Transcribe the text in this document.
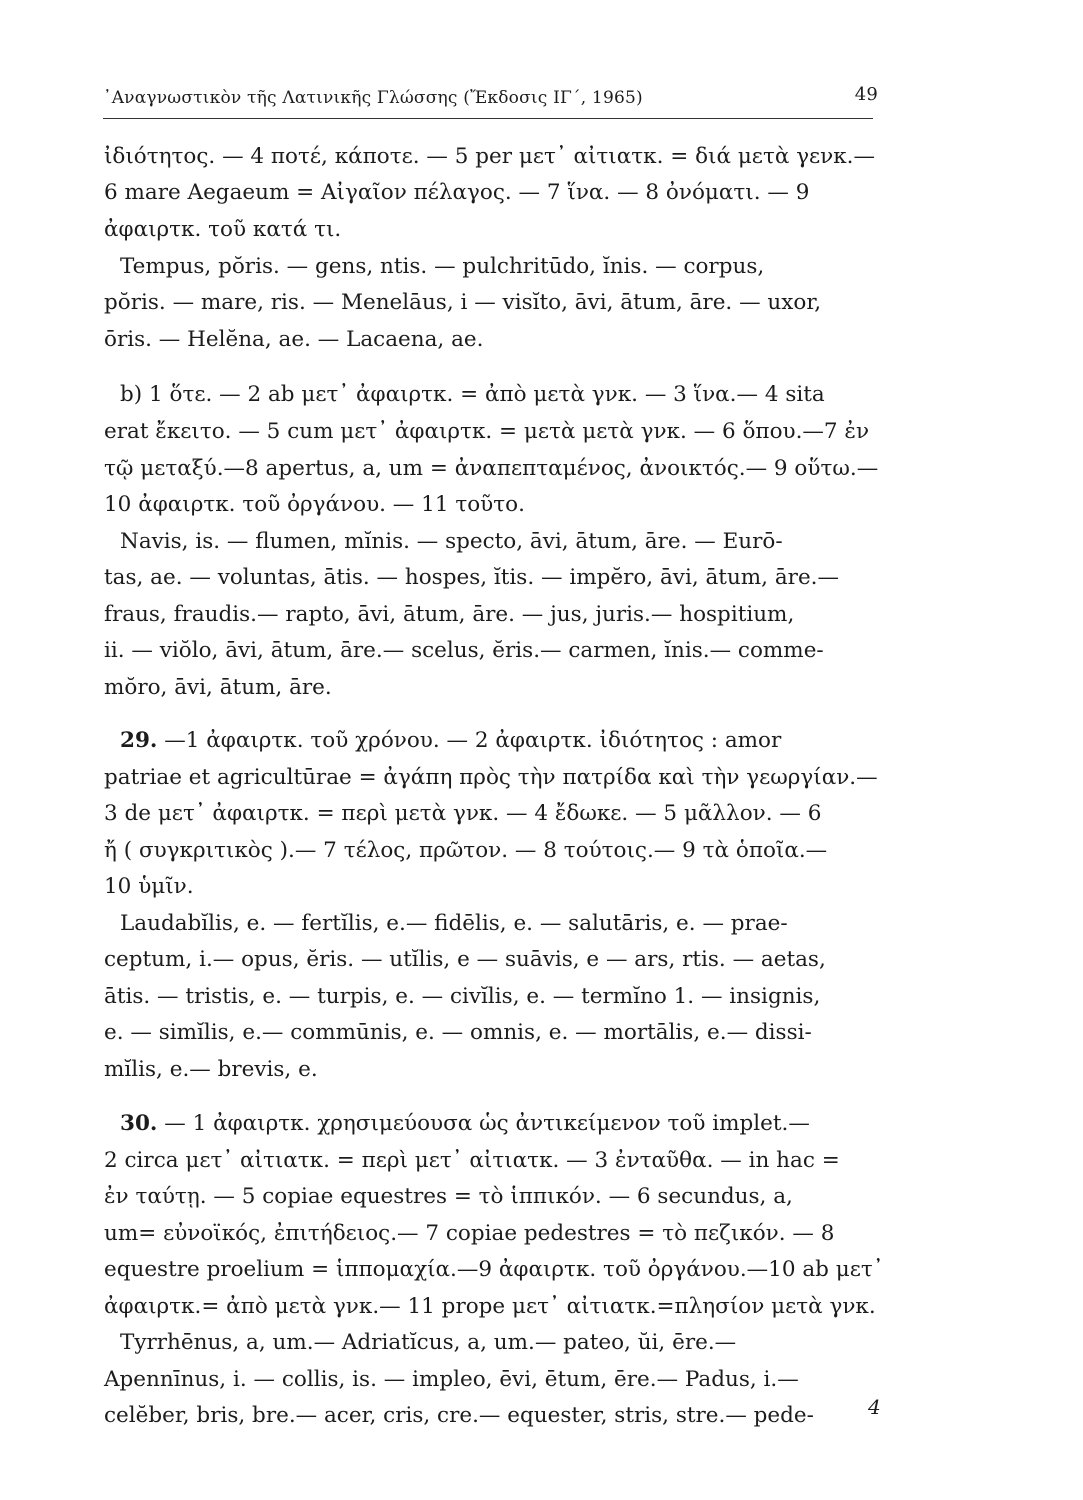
᾿Αναγνωστικὸν τῆς Λατινικῆς Γλώσσης (Ἔκδοσις ΙΓ΄, 1965)	49
ἰδιότητος. — 4 ποτέ, κάποτε. — 5 per μετ᾿ αἰτιατκ. = διά μετὰ γενκ.—
6 mare Aegaeum = Αἰγαῖον πέλαγος. — 7 ἵνα. — 8 ὀνόματι. — 9
ἀφαιρτκ. τοῦ κατά τι.
Tempus, pŏris. — gens, ntis. — pulchritūdo, ĭnis. — corpus,
pŏris. — mare, ris. — Menelāus, i — visĭto, āvi, ātum, āre. — uxor,
ōris. — Helĕna, ae. — Lacaena, ae.
b) 1 ὅτε. — 2 ab μετ᾿ ἀφαιρτκ. = ἀπὸ μετὰ γνκ. — 3 ἵνα.— 4 sita
erat ἔκειτο. — 5 cum μετ᾿ ἀφαιρτκ. = μετὰ μετὰ γνκ. — 6 ὅπου.—7 ἐν
τῷ μεταξύ.—8 apertus, a, um = ἀναπεπταμένος, ἀνοικτός.— 9 οὕτω.—
10 ἀφαιρτκ. τοῦ ὀργάνου. — 11 τοῦτο.
Navis, is. — flumen, mĭnis. — specto, āvi, ātum, āre. — Eurō-
tas, ae. — voluntas, ātis. — hospes, ĭtis. — impĕro, āvi, ātum, āre.—
fraus, fraudis.— rapto, āvi, ātum, āre. — jus, juris.— hospitium,
ii. — viŏlo, āvi, ātum, āre.— scelus, ĕris.— carmen, ĭnis.— comme-
mŏro, āvi, ātum, āre.
29. —1 ἀφαιρτκ. τοῦ χρόνου. — 2 ἀφαιρτκ. ἰδιότητος : amor
patriae et agricultūrae = ἀγάπη πρὸς τὴν πατρίδα καὶ τὴν γεωργίαν.—
3 de μετ᾿ ἀφαιρτκ. = περὶ μετὰ γνκ. — 4 ἔδωκε. — 5 μᾶλλον. — 6
ἤ ( συγκριτικὸς ).— 7 τέλος, πρῶτον. — 8 τούτοις.— 9 τὰ ὁποῖα.—
10 ὑμῖν.
Laudabĭlis, e. — fertĭlis, e.— fidēlis, e. — salutāris, e. — prae-
ceptum, i.— opus, ĕris. — utĭlis, e — suāvis, e — ars, rtis. — aetas,
ātis. — tristis, e. — turpis, e. — civĭlis, e. — termĭno 1. — insignis,
e. — simĭlis, e.— commūnis, e. — omnis, e. — mortālis, e.— dissi-
mĭlis, e.— brevis, e.
30. — 1 ἀφαιρτκ. χρησιμεύουσα ὡς ἀντικείμενον τοῦ implet.—
2 circa μετ᾿ αἰτιατκ. = περὶ μετ᾿ αἰτιατκ. — 3 ἐνταῦθα. — in hac =
ἐν ταύτῃ. — 5 copiae equestres = τὸ ἱππικόν. — 6 secundus, a,
um= εὐνοϊκός, ἐπιτήδειος.— 7 copiae pedestres = τὸ πεζικόν. — 8
equestre proelium = ἱππομαχία.—9 ἀφαιρτκ. τοῦ ὀργάνου.—10 ab μετ᾿
ἀφαιρτκ.= ἀπὸ μετὰ γνκ.— 11 prope μετ᾿ αἰτιατκ.=πλησίον μετὰ γνκ.
Tyrrhēnus, a, um.— Adriatĭcus, a, um.— pateo, ŭi, ēre.—
Apennīnus, i. — collis, is. — impleo, ēvi, ētum, ēre.— Padus, i.—
celĕber, bris, bre.— acer, cris, cre.— equester, stris, stre.— pede-	4
